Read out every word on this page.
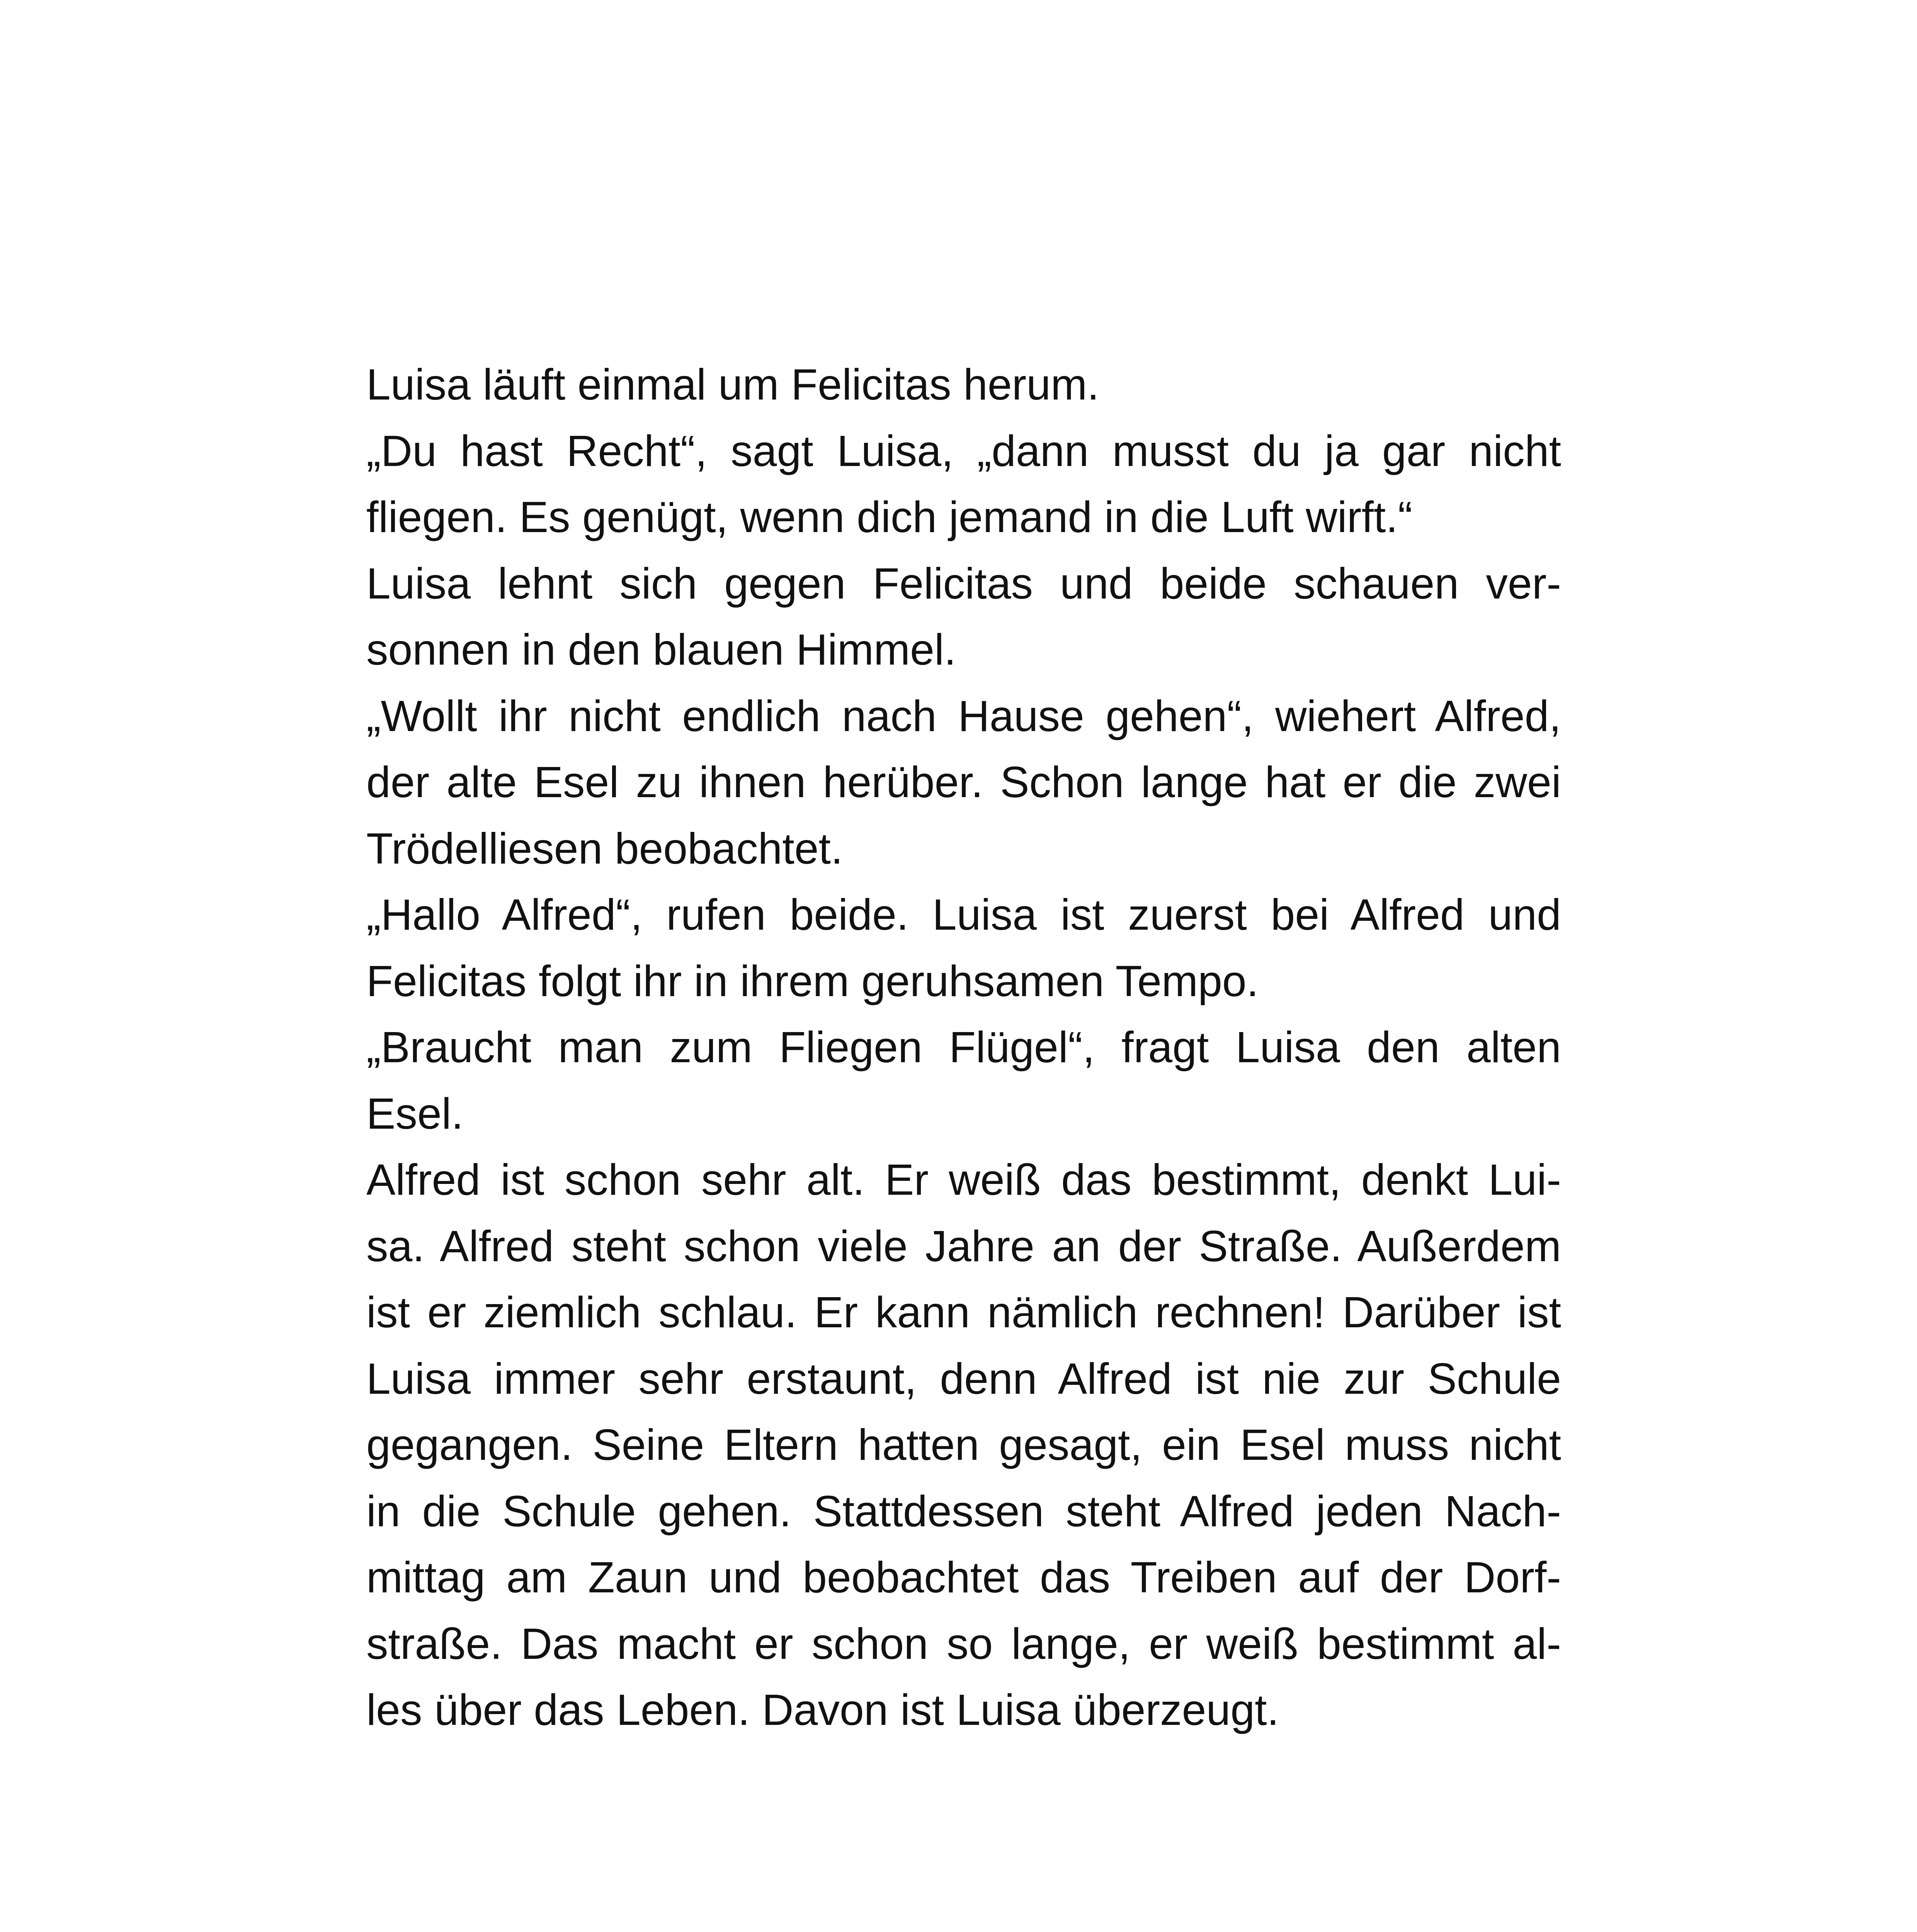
Luisa läuft einmal um Felicitas herum.
„Du hast Recht“, sagt Luisa, „dann musst du ja gar nicht
fliegen. Es genügt, wenn dich jemand in die Luft wirft.“
Luisa lehnt sich gegen Felicitas und beide schauen ver-
sonnen in den blauen Himmel.
„Wollt ihr nicht endlich nach Hause gehen“, wiehert Alfred,
der alte Esel zu ihnen herüber. Schon lange hat er die zwei
Trödelliesen beobachtet.
„Hallo Alfred“, rufen beide. Luisa ist zuerst bei Alfred und
Felicitas folgt ihr in ihrem geruhsamen Tempo.
„Braucht man zum Fliegen Flügel“, fragt Luisa den alten
Esel.
Alfred ist schon sehr alt. Er weiß das bestimmt, denkt Lui-
sa. Alfred steht schon viele Jahre an der Straße. Außerdem
ist er ziemlich schlau. Er kann nämlich rechnen! Darüber ist
Luisa immer sehr erstaunt, denn Alfred ist nie zur Schule
gegangen. Seine Eltern hatten gesagt, ein Esel muss nicht
in die Schule gehen. Stattdessen steht Alfred jeden Nach-
mittag am Zaun und beobachtet das Treiben auf der Dorf-
straße. Das macht er schon so lange, er weiß bestimmt al-
les über das Leben. Davon ist Luisa überzeugt.
